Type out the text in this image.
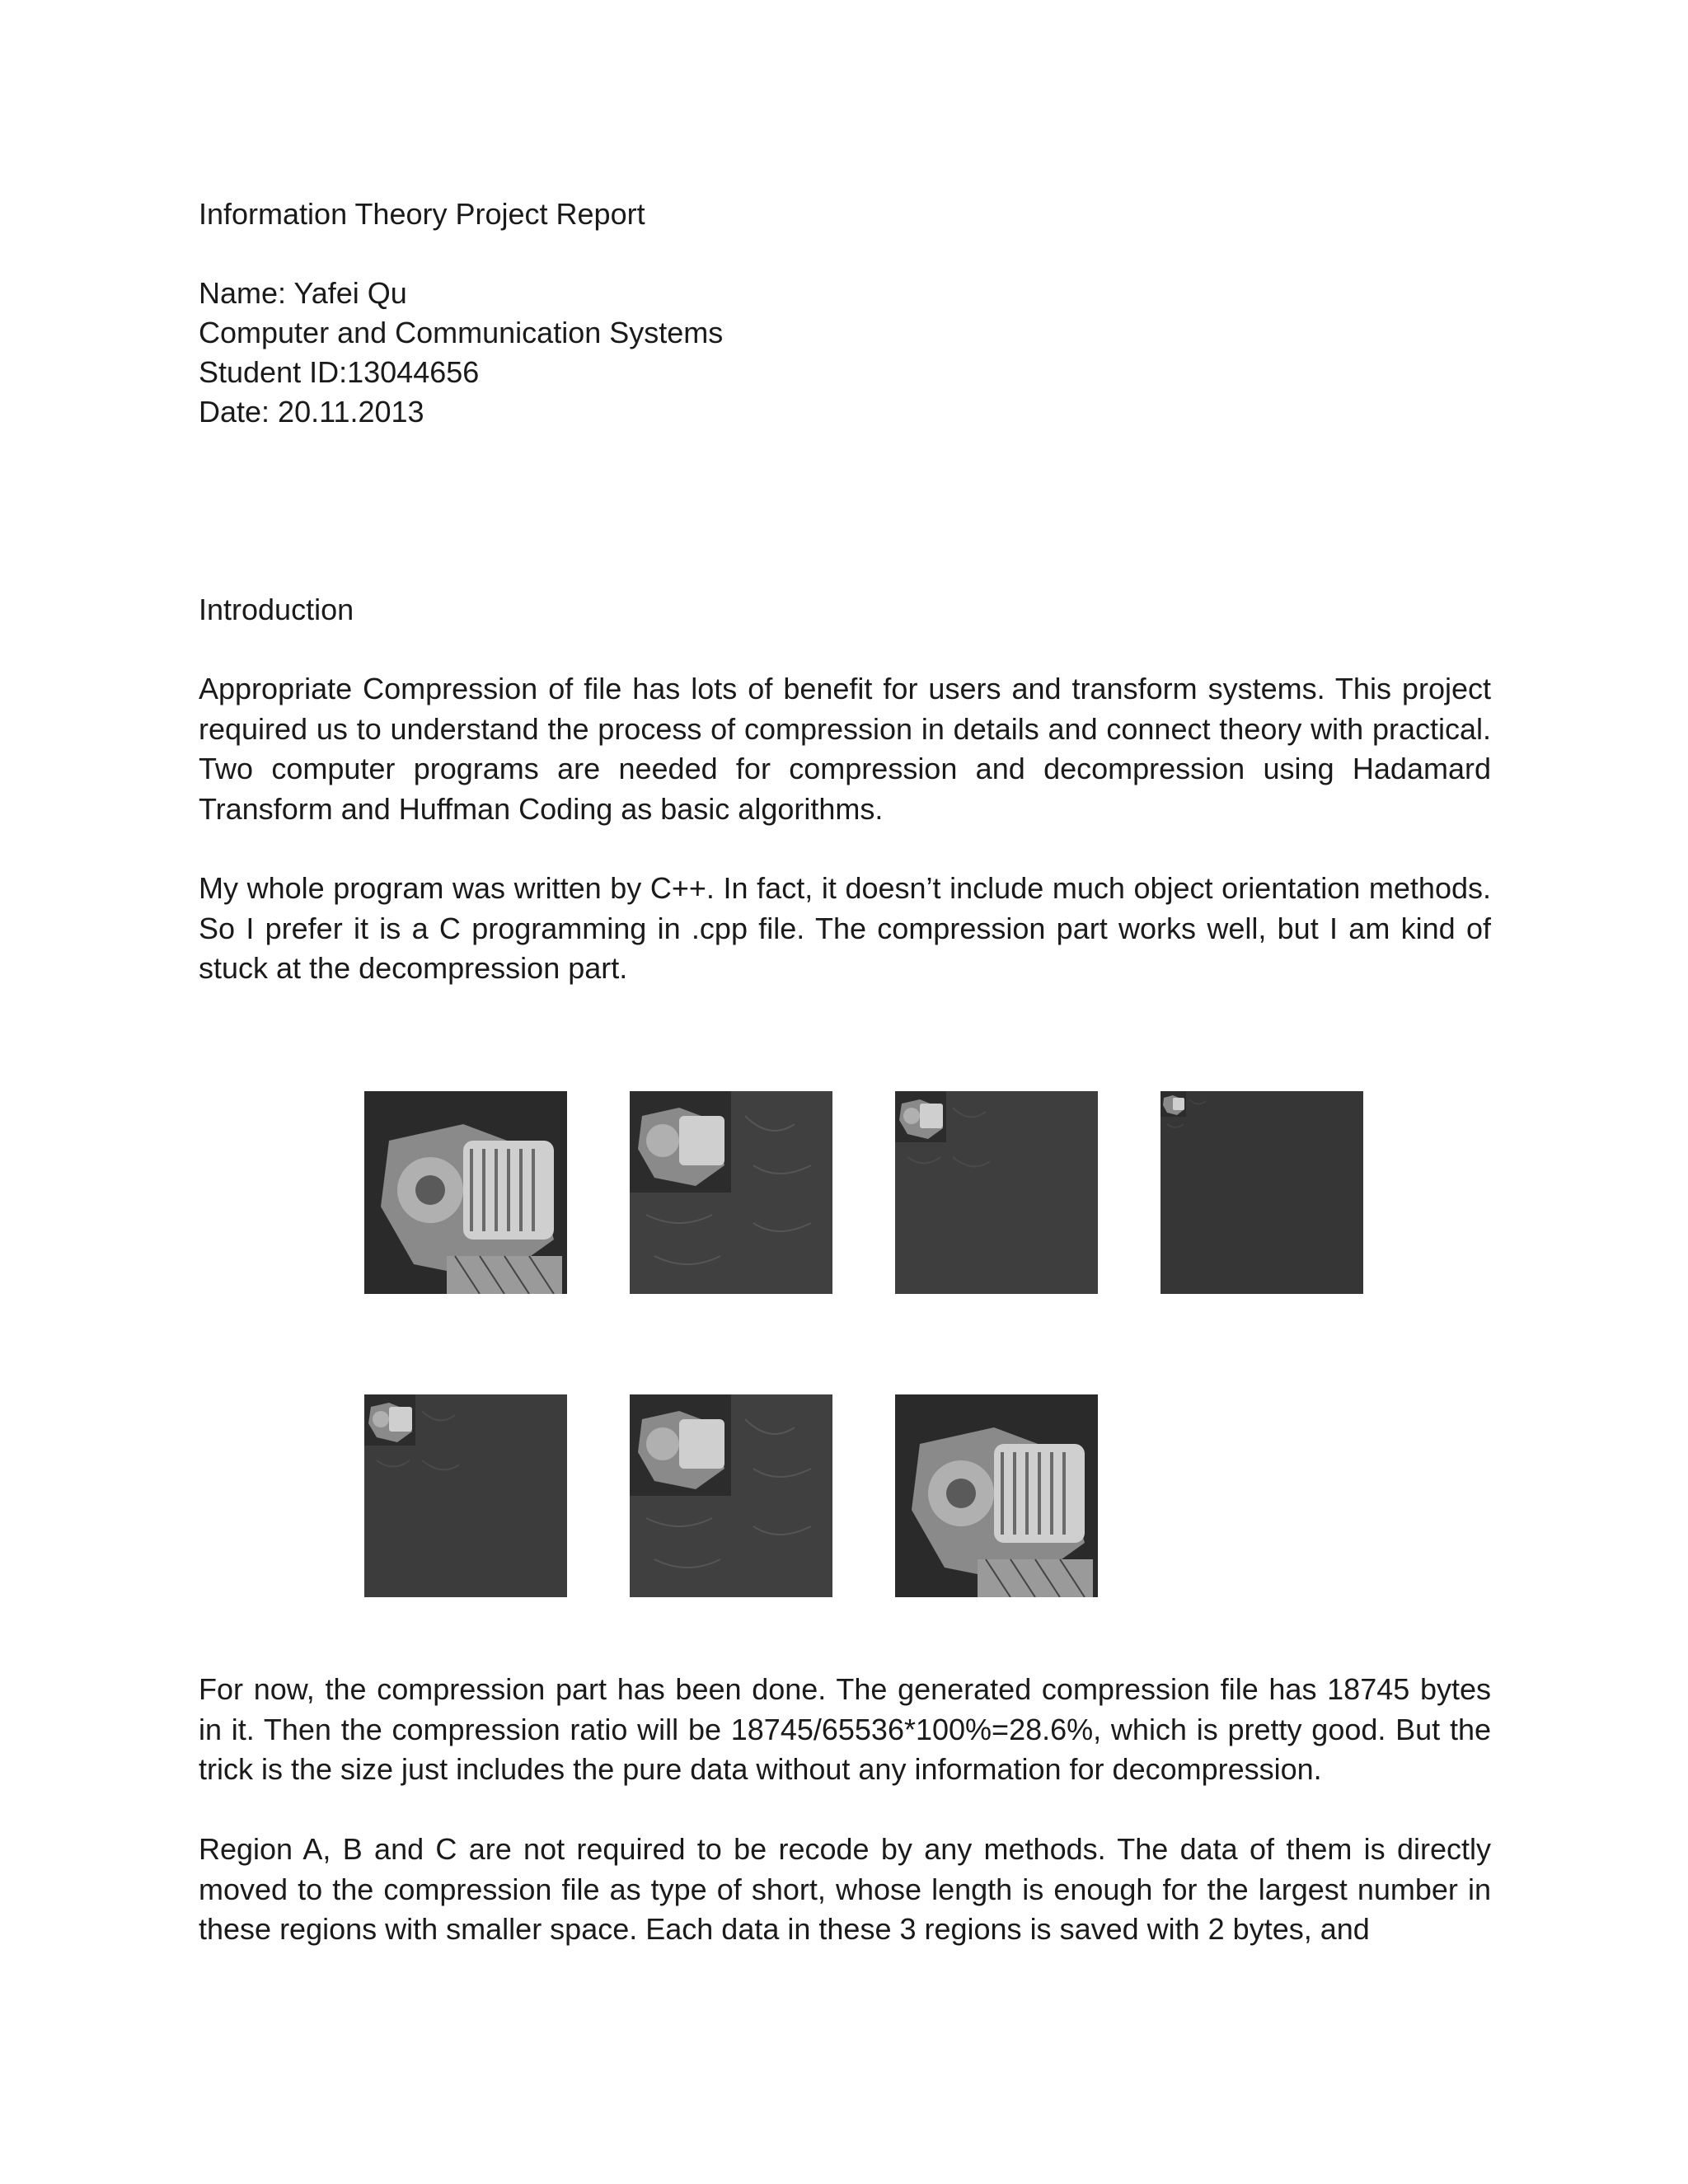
Information Theory Project Report
Name: Yafei Qu
Computer and Communication Systems
Student ID:13044656
Date: 20.11.2013
Introduction

Appropriate Compression of file has lots of benefit for users and transform systems. This project required us to understand the process of compression in details and connect theory with practical. Two computer programs are needed for compression and decompression using Hadamard Transform and Huffman Coding as basic algorithms.

My whole program was written by C++. In fact, it doesn’t include much object orientation methods. So I prefer it is a C programming in .cpp file. The compression part works well, but I am kind of stuck at the decompression part.

For now, the compression part has been done. The generated compression file has 18745 bytes in it. Then the compression ratio will be 18745/65536*100%=28.6%, which is pretty good. But the trick is the size just includes the pure data without any information for decompression.
Region A, B and C are not required to be recode by any methods. The data of them is directly moved to the compression file as type of short, whose length is enough for the largest number in these regions with smaller space. Each data in these 3 regions is saved with 2 bytes, and
